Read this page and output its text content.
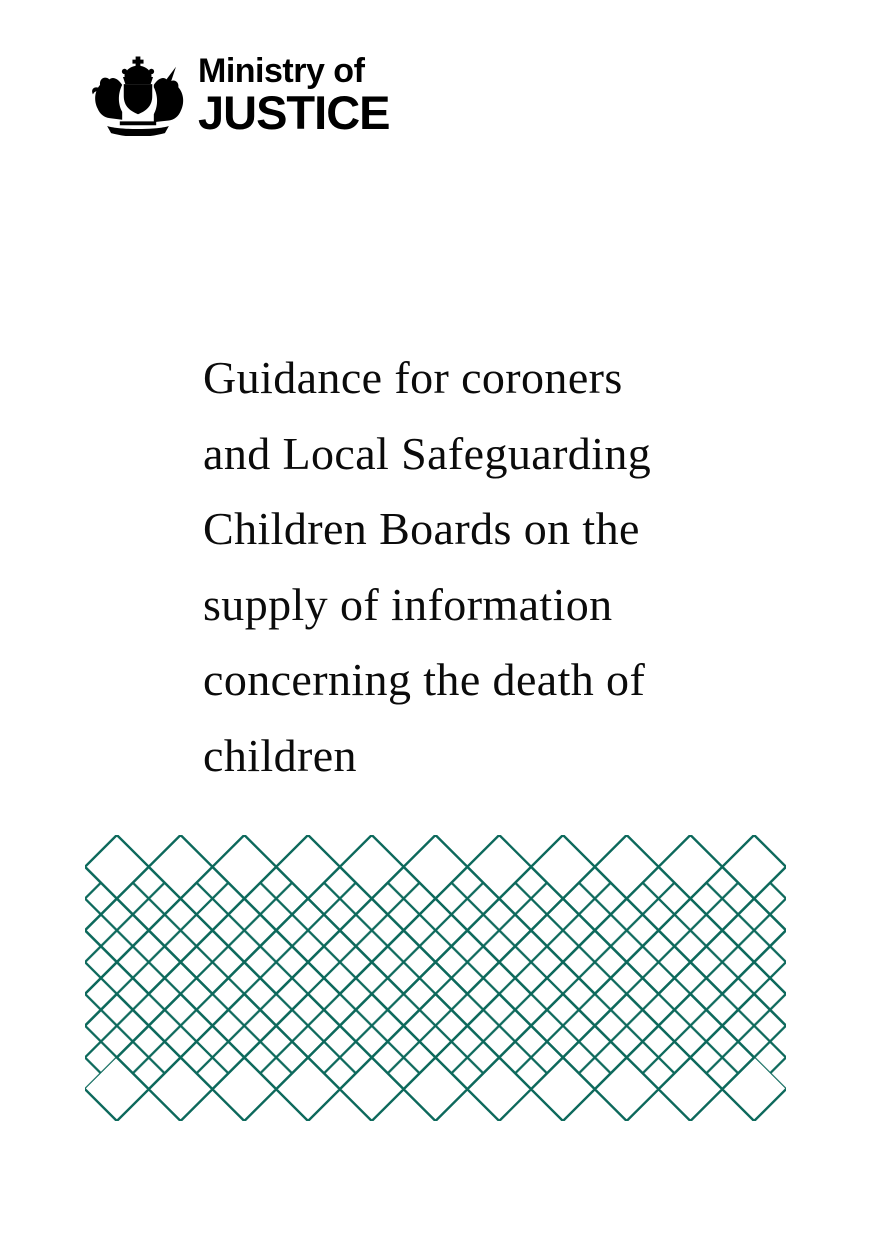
Ministry of
JUSTICE
Guidance for coroners
and Local Safeguarding
Children Boards on the
supply of information
concerning the death of
children
